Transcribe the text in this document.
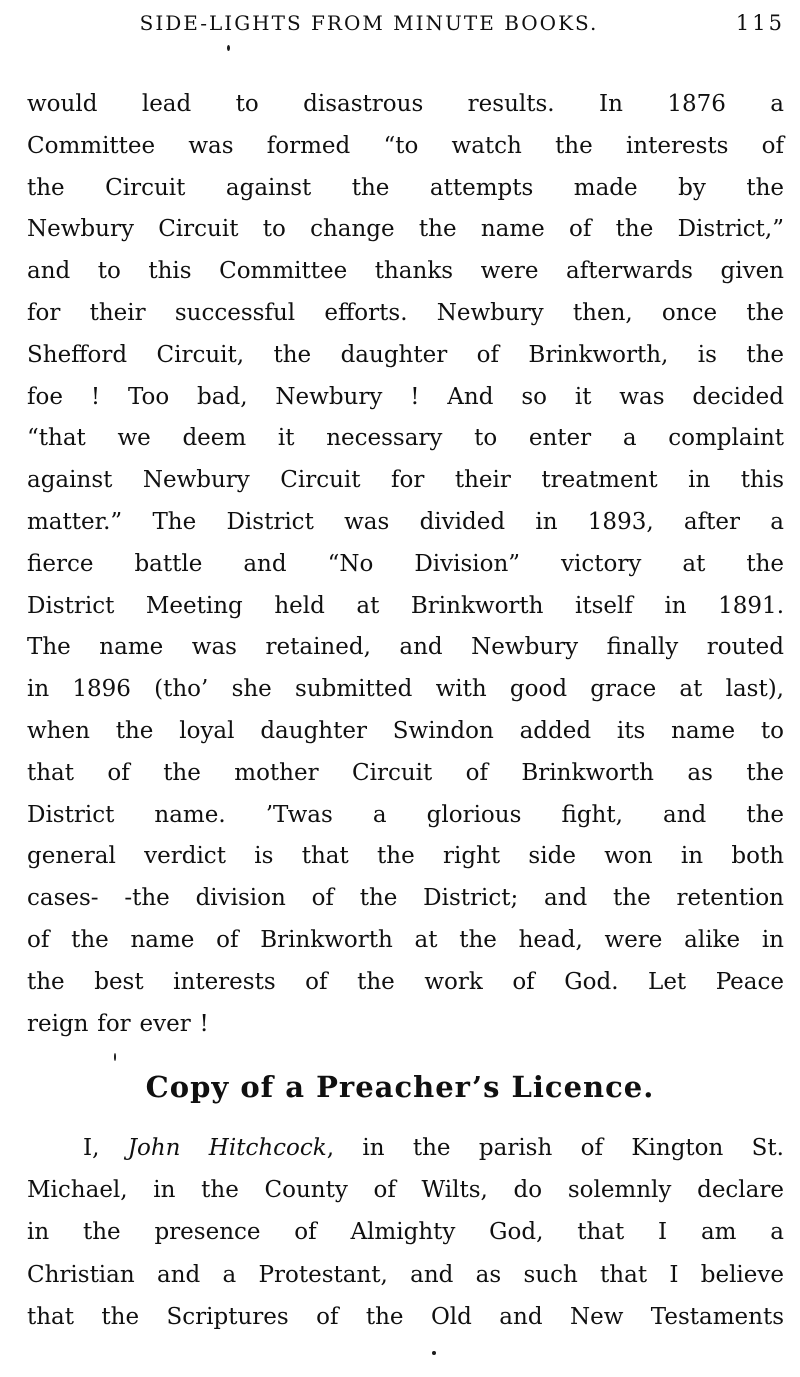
SIDE-LIGHTS FROM MINUTE BOOKS.	115
would lead to disastrous results. In 1876 a
Committee was formed “to watch the interests of
the Circuit against the attempts made by the
Newbury Circuit to change the name of the District,”
and to this Committee thanks were afterwards given
for their successful efforts. Newbury then, once the
Shefford Circuit, the daughter of Brinkworth, is the
foe ! Too bad, Newbury ! And so it was decided
“that we deem it necessary to enter a complaint
against Newbury Circuit for their treatment in this
matter.” The District was divided in 1893, after a
fierce battle and “No Division” victory at the
District Meeting held at Brinkworth itself in 1891.
The name was retained, and Newbury finally routed
in 1896 (tho’ she submitted with good grace at last),
when the loyal daughter Swindon added its name to
that of the mother Circuit of Brinkworth as the
District name. ’Twas a glorious fight, and the
general verdict is that the right side won in both
cases- -the division of the District; and the retention
of the name of Brinkworth at the head, were alike in
the best interests of the work of God. Let Peace
reign for ever !
Copy of a Preacher’s Licence.
I, John Hitchcock, in the parish of Kington St.
Michael, in the County of Wilts, do solemnly declare
in the presence of Almighty God, that I am a
Christian and a Protestant, and as such that I believe
that the Scriptures of the Old and New Testaments
